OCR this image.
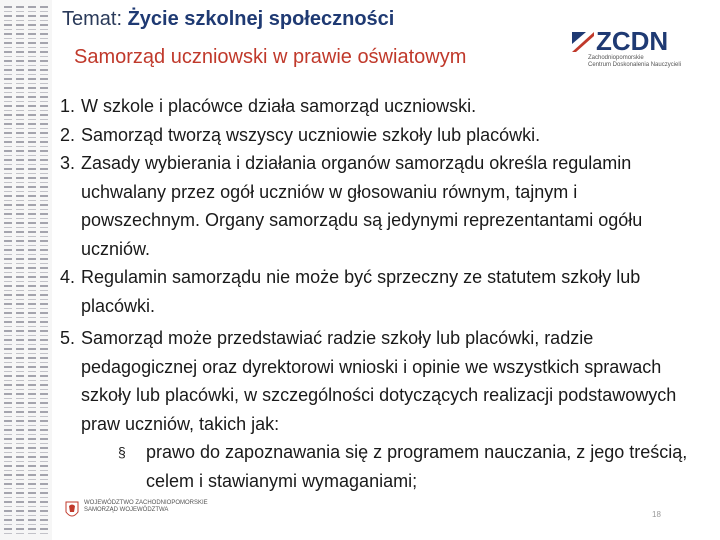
Temat: Życie szkolnej społeczności
Samorząd uczniowski w prawie oświatowym
ZCDN
Zachodniopomorskie
Centrum Doskonalenia Nauczycieli
1. W szkole i placówce działa samorząd uczniowski.
2. Samorząd tworzą wszyscy uczniowie szkoły lub placówki.
3. Zasady wybierania i działania organów samorządu określa regulamin uchwalany przez ogół uczniów w głosowaniu równym, tajnym i powszechnym. Organy samorządu są jedynymi reprezentantami ogółu uczniów.
4. Regulamin samorządu nie może być sprzeczny ze statutem szkoły lub placówki.
5. Samorząd może przedstawiać radzie szkoły lub placówki, radzie pedagogicznej oraz dyrektorowi wnioski i opinie we wszystkich sprawach szkoły lub placówki, w szczególności dotyczących realizacji podstawowych praw uczniów, takich jak:
§ prawo do zapoznawania się z programem nauczania, z jego treścią, celem i stawianymi wymaganiami;
WOJEWÓDZTWO ZACHODNIOPOMORSKIE
SAMORZĄD WOJEWÓDZTWA	18
